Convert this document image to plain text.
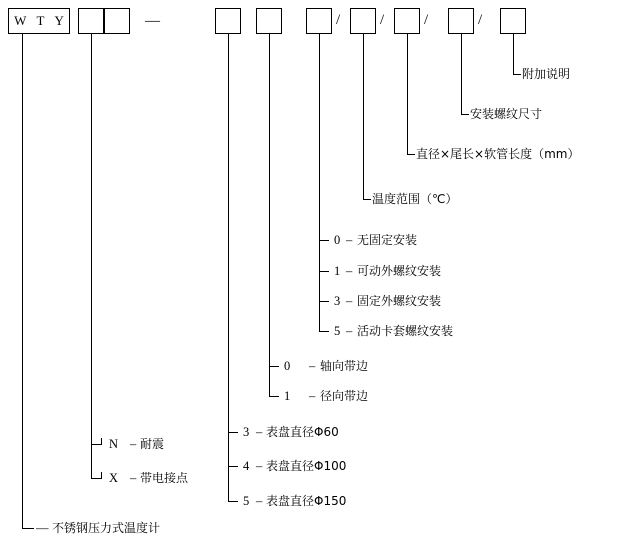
W T Y	—	/	/	/	/
附加说明
安装螺纹尺寸
直径×尾长×软管长度（mm）
温度范围（℃）
0 – 无固定安装
1 – 可动外螺纹安装
3 – 固定外螺纹安装
5 – 活动卡套螺纹安装
0 – 轴向带边
1 – 径向带边
3 – 表盘直径Φ60
4 – 表盘直径Φ100
5 – 表盘直径Φ150
N – 耐震
X – 带电接点
— 不锈钢压力式温度计
